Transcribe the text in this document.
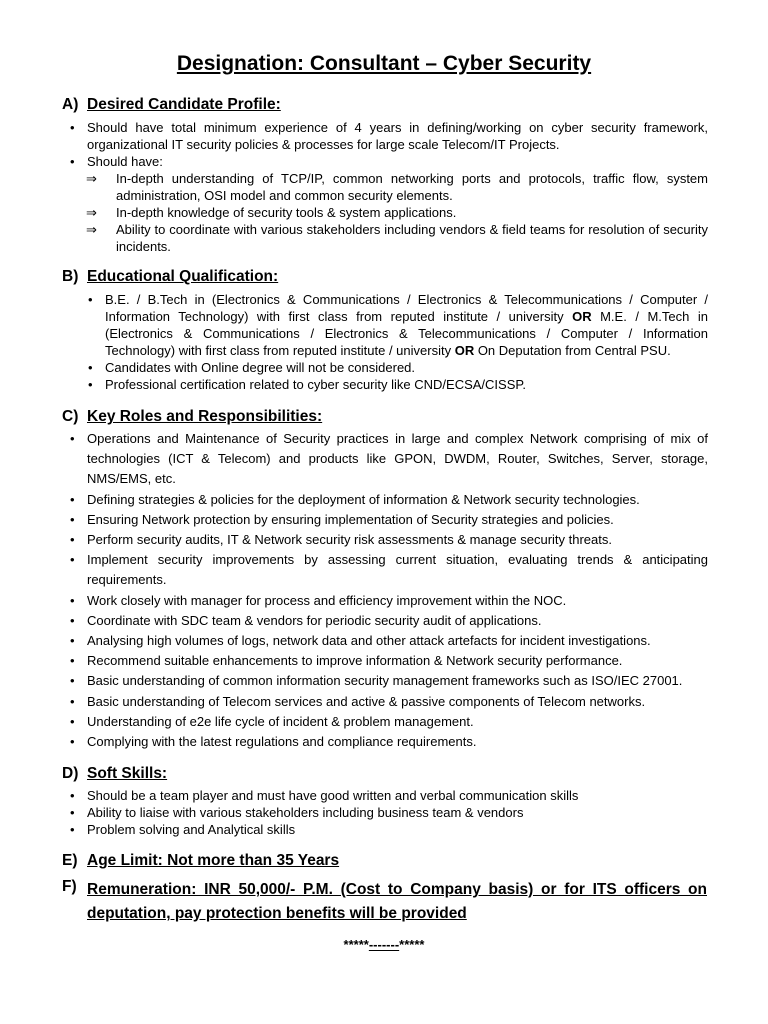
Designation: Consultant – Cyber Security
A) Desired Candidate Profile:
• Should have total minimum experience of 4 years in defining/working on cyber security framework, organizational IT security policies & processes for large scale Telecom/IT Projects.
• Should have:
⇒ In-depth understanding of TCP/IP, common networking ports and protocols, traffic flow, system administration, OSI model and common security elements.
⇒ In-depth knowledge of security tools & system applications.
⇒ Ability to coordinate with various stakeholders including vendors & field teams for resolution of security incidents.
B) Educational Qualification:
• B.E. / B.Tech in (Electronics & Communications / Electronics & Telecommunications / Computer / Information Technology) with first class from reputed institute / university OR M.E. / M.Tech in (Electronics & Communications / Electronics & Telecommunications / Computer / Information Technology) with first class from reputed institute / university OR On Deputation from Central PSU.
• Candidates with Online degree will not be considered.
• Professional certification related to cyber security like CND/ECSA/CISSP.
C) Key Roles and Responsibilities:
• Operations and Maintenance of Security practices in large and complex Network comprising of mix of technologies (ICT & Telecom) and products like GPON, DWDM, Router, Switches, Server, storage, NMS/EMS, etc.
• Defining strategies & policies for the deployment of information & Network security technologies.
• Ensuring Network protection by ensuring implementation of Security strategies and policies.
• Perform security audits, IT & Network security risk assessments & manage security threats.
• Implement security improvements by assessing current situation, evaluating trends & anticipating requirements.
• Work closely with manager for process and efficiency improvement within the NOC.
• Coordinate with SDC team & vendors for periodic security audit of applications.
• Analysing high volumes of logs, network data and other attack artefacts for incident investigations.
• Recommend suitable enhancements to improve information & Network security performance.
• Basic understanding of common information security management frameworks such as ISO/IEC 27001.
• Basic understanding of Telecom services and active & passive components of Telecom networks.
• Understanding of e2e life cycle of incident & problem management.
• Complying with the latest regulations and compliance requirements.
D) Soft Skills:
• Should be a team player and must have good written and verbal communication skills
• Ability to liaise with various stakeholders including business team & vendors
• Problem solving and Analytical skills
E) Age Limit: Not more than 35 Years
F) Remuneration: INR 50,000/- P.M. (Cost to Company basis) or for ITS officers on deputation, pay protection benefits will be provided
*****-------*****
